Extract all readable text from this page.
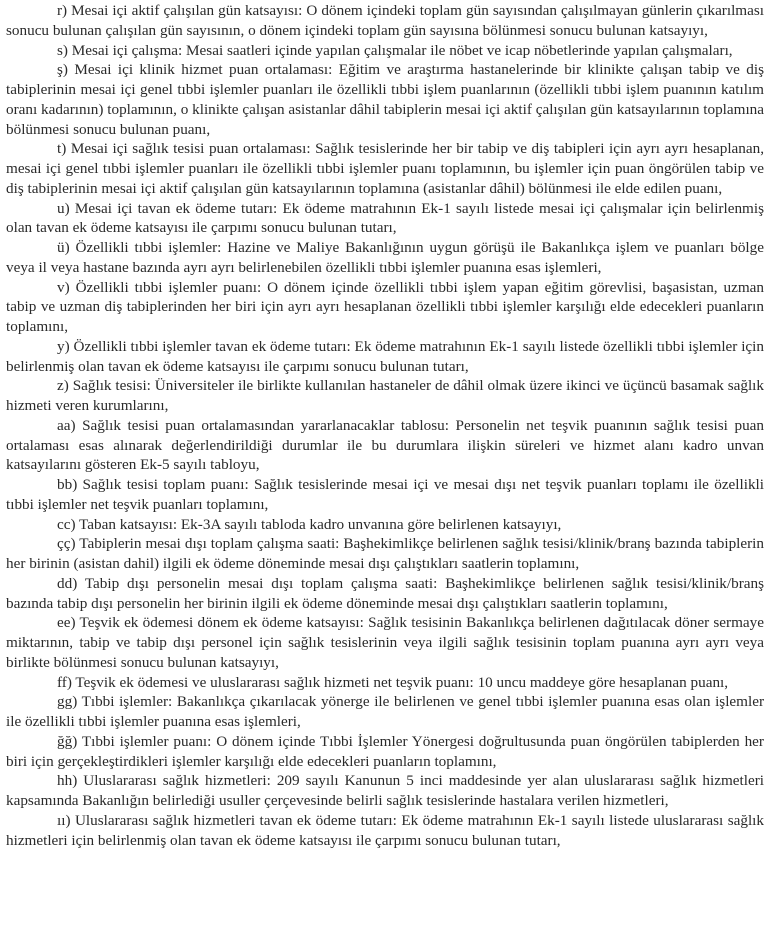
r) Mesai içi aktif çalışılan gün katsayısı: O dönem içindeki toplam gün sayısından çalışılmayan günlerin çıkarılması sonucu bulunan çalışılan gün sayısının, o dönem içindeki toplam gün sayısına bölünmesi sonucu bulunan katsayıyı,

s) Mesai içi çalışma: Mesai saatleri içinde yapılan çalışmalar ile nöbet ve icap nöbetlerinde yapılan çalışmaları,

ş) Mesai içi klinik hizmet puan ortalaması: Eğitim ve araştırma hastanelerinde bir klinikte çalışan tabip ve diş tabiplerinin mesai içi genel tıbbi işlemler puanları ile özellikli tıbbi işlem puanlarının (özellikli tıbbi işlem puanının katılım oranı kadarının) toplamının, o klinikte çalışan asistanlar dâhil tabiplerin mesai içi aktif çalışılan gün katsayılarının toplamına bölünmesi sonucu bulunan puanı,

t) Mesai içi sağlık tesisi puan ortalaması: Sağlık tesislerinde her bir tabip ve diş tabipleri için ayrı ayrı hesaplanan, mesai içi genel tıbbi işlemler puanları ile özellikli tıbbi işlemler puanı toplamının, bu işlemler için puan öngörülen tabip ve diş tabiplerinin mesai içi aktif çalışılan gün katsayılarının toplamına (asistanlar dâhil) bölünmesi ile elde edilen puanı,

u) Mesai içi tavan ek ödeme tutarı: Ek ödeme matrahının Ek-1 sayılı listede mesai içi çalışmalar için belirlenmiş olan tavan ek ödeme katsayısı ile çarpımı sonucu bulunan tutarı,

ü) Özellikli tıbbi işlemler: Hazine ve Maliye Bakanlığının uygun görüşü ile Bakanlıkça işlem ve puanları bölge veya il veya hastane bazında ayrı ayrı belirlenebilen özellikli tıbbi işlemler puanına esas işlemleri,

v) Özellikli tıbbi işlemler puanı: O dönem içinde özellikli tıbbi işlem yapan eğitim görevlisi, başasistan, uzman tabip ve uzman diş tabiplerinden her biri için ayrı ayrı hesaplanan özellikli tıbbi işlemler karşılığı elde edecekleri puanların toplamını,

y) Özellikli tıbbi işlemler tavan ek ödeme tutarı: Ek ödeme matrahının Ek-1 sayılı listede özellikli tıbbi işlemler için belirlenmiş olan tavan ek ödeme katsayısı ile çarpımı sonucu bulunan tutarı,

z) Sağlık tesisi: Üniversiteler ile birlikte kullanılan hastaneler de dâhil olmak üzere ikinci ve üçüncü basamak sağlık hizmeti veren kurumlarını,

aa) Sağlık tesisi puan ortalamasından yararlanacaklar tablosu: Personelin net teşvik puanının sağlık tesisi puan ortalaması esas alınarak değerlendirildiği durumlar ile bu durumlara ilişkin süreleri ve hizmet alanı kadro unvan katsayılarını gösteren Ek-5 sayılı tabloyu,

bb) Sağlık tesisi toplam puanı: Sağlık tesislerinde mesai içi ve mesai dışı net teşvik puanları toplamı ile özellikli tıbbi işlemler net teşvik puanları toplamını,

cc) Taban katsayısı: Ek-3A sayılı tabloda kadro unvanına göre belirlenen katsayıyı,

çç) Tabiplerin mesai dışı toplam çalışma saati: Başhekimlikçe belirlenen sağlık tesisi/klinik/branş bazında tabiplerin her birinin (asistan dahil) ilgili ek ödeme döneminde mesai dışı çalıştıkları saatlerin toplamını,

dd) Tabip dışı personelin mesai dışı toplam çalışma saati: Başhekimlikçe belirlenen sağlık tesisi/klinik/branş bazında tabip dışı personelin her birinin ilgili ek ödeme döneminde mesai dışı çalıştıkları saatlerin toplamını,

ee) Teşvik ek ödemesi dönem ek ödeme katsayısı: Sağlık tesisinin Bakanlıkça belirlenen dağıtılacak döner sermaye miktarının, tabip ve tabip dışı personel için sağlık tesislerinin veya ilgili sağlık tesisinin toplam puanına ayrı ayrı veya birlikte bölünmesi sonucu bulunan katsayıyı,

ff) Teşvik ek ödemesi ve uluslararası sağlık hizmeti net teşvik puanı: 10 uncu maddeye göre hesaplanan puanı,

gg) Tıbbi işlemler: Bakanlıkça çıkarılacak yönerge ile belirlenen ve genel tıbbi işlemler puanına esas olan işlemler ile özellikli tıbbi işlemler puanına esas işlemleri,

ğğ) Tıbbi işlemler puanı: O dönem içinde Tıbbi İşlemler Yönergesi doğrultusunda puan öngörülen tabiplerden her biri için gerçekleştirdikleri işlemler karşılığı elde edecekleri puanların toplamını,

hh) Uluslararası sağlık hizmetleri: 209 sayılı Kanunun 5 inci maddesinde yer alan uluslararası sağlık hizmetleri kapsamında Bakanlığın belirlediği usuller çerçevesinde belirli sağlık tesislerinde hastalara verilen hizmetleri,

ıı) Uluslararası sağlık hizmetleri tavan ek ödeme tutarı: Ek ödeme matrahının Ek-1 sayılı listede uluslararası sağlık hizmetleri için belirlenmiş olan tavan ek ödeme katsayısı ile çarpımı sonucu bulunan tutarı,
